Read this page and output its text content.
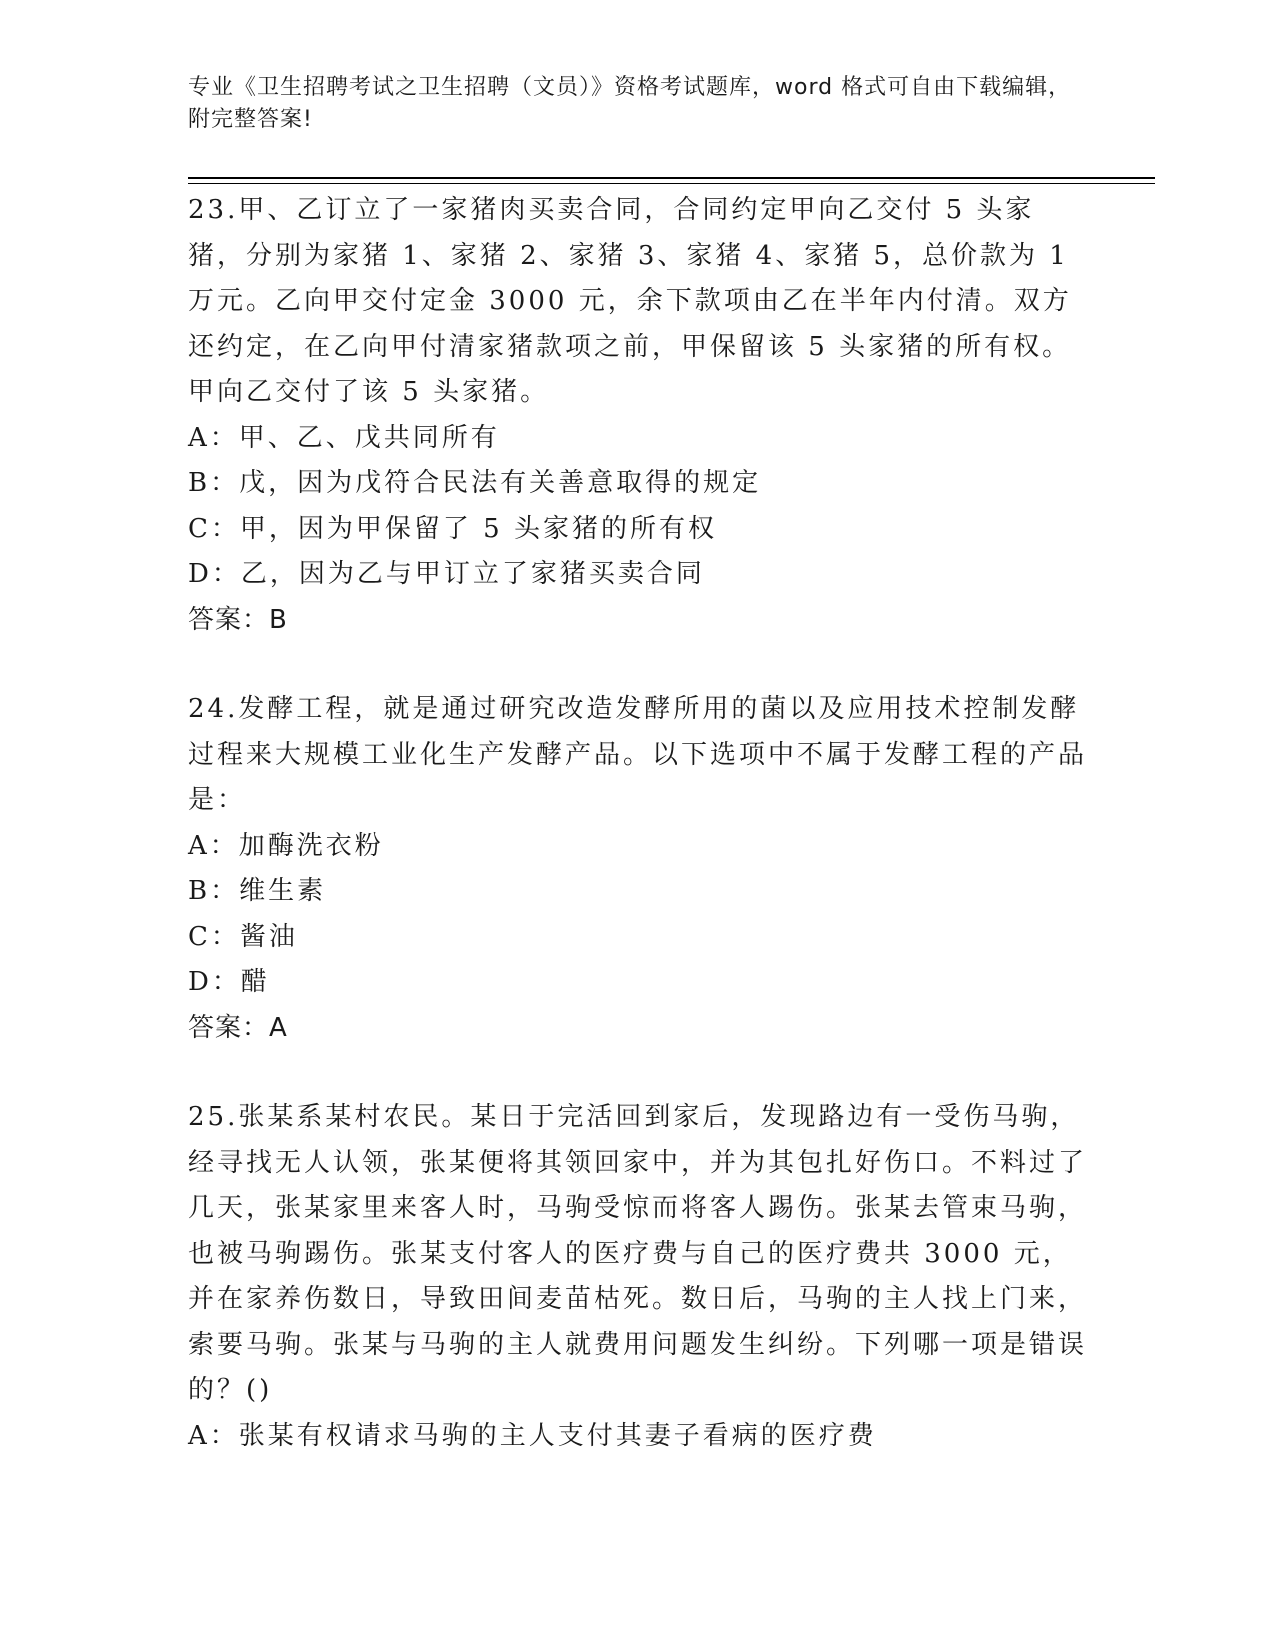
专业《卫生招聘考试之卫生招聘（文员）》资格考试题库，word 格式可自由下载编辑，附完整答案!

23.甲、乙订立了一家猪肉买卖合同，合同约定甲向乙交付 5 头家猪，分别为家猪 1、家猪 2、家猪 3、家猪 4、家猪 5，总价款为 1 万元。乙向甲交付定金 3000 元，余下款项由乙在半年内付清。双方还约定，在乙向甲付清家猪款项之前，甲保留该 5 头家猪的所有权。甲向乙交付了该 5 头家猪。

A：甲、乙、戊共同所有

B：戊，因为戊符合民法有关善意取得的规定

C：甲，因为甲保留了 5 头家猪的所有权

D：乙，因为乙与甲订立了家猪买卖合同

答案：B

24.发酵工程，就是通过研究改造发酵所用的菌以及应用技术控制发酵过程来大规模工业化生产发酵产品。以下选项中不属于发酵工程的产品是：

A：加酶洗衣粉

B：维生素

C：酱油

D：醋

答案：A

25.张某系某村农民。某日于完活回到家后，发现路边有一受伤马驹，经寻找无人认领，张某便将其领回家中，并为其包扎好伤口。不料过了几天，张某家里来客人时，马驹受惊而将客人踢伤。张某去管束马驹，也被马驹踢伤。张某支付客人的医疗费与自己的医疗费共 3000 元，并在家养伤数日，导致田间麦苗枯死。数日后，马驹的主人找上门来，索要马驹。张某与马驹的主人就费用问题发生纠纷。下列哪一项是错误的？()

A：张某有权请求马驹的主人支付其妻子看病的医疗费
